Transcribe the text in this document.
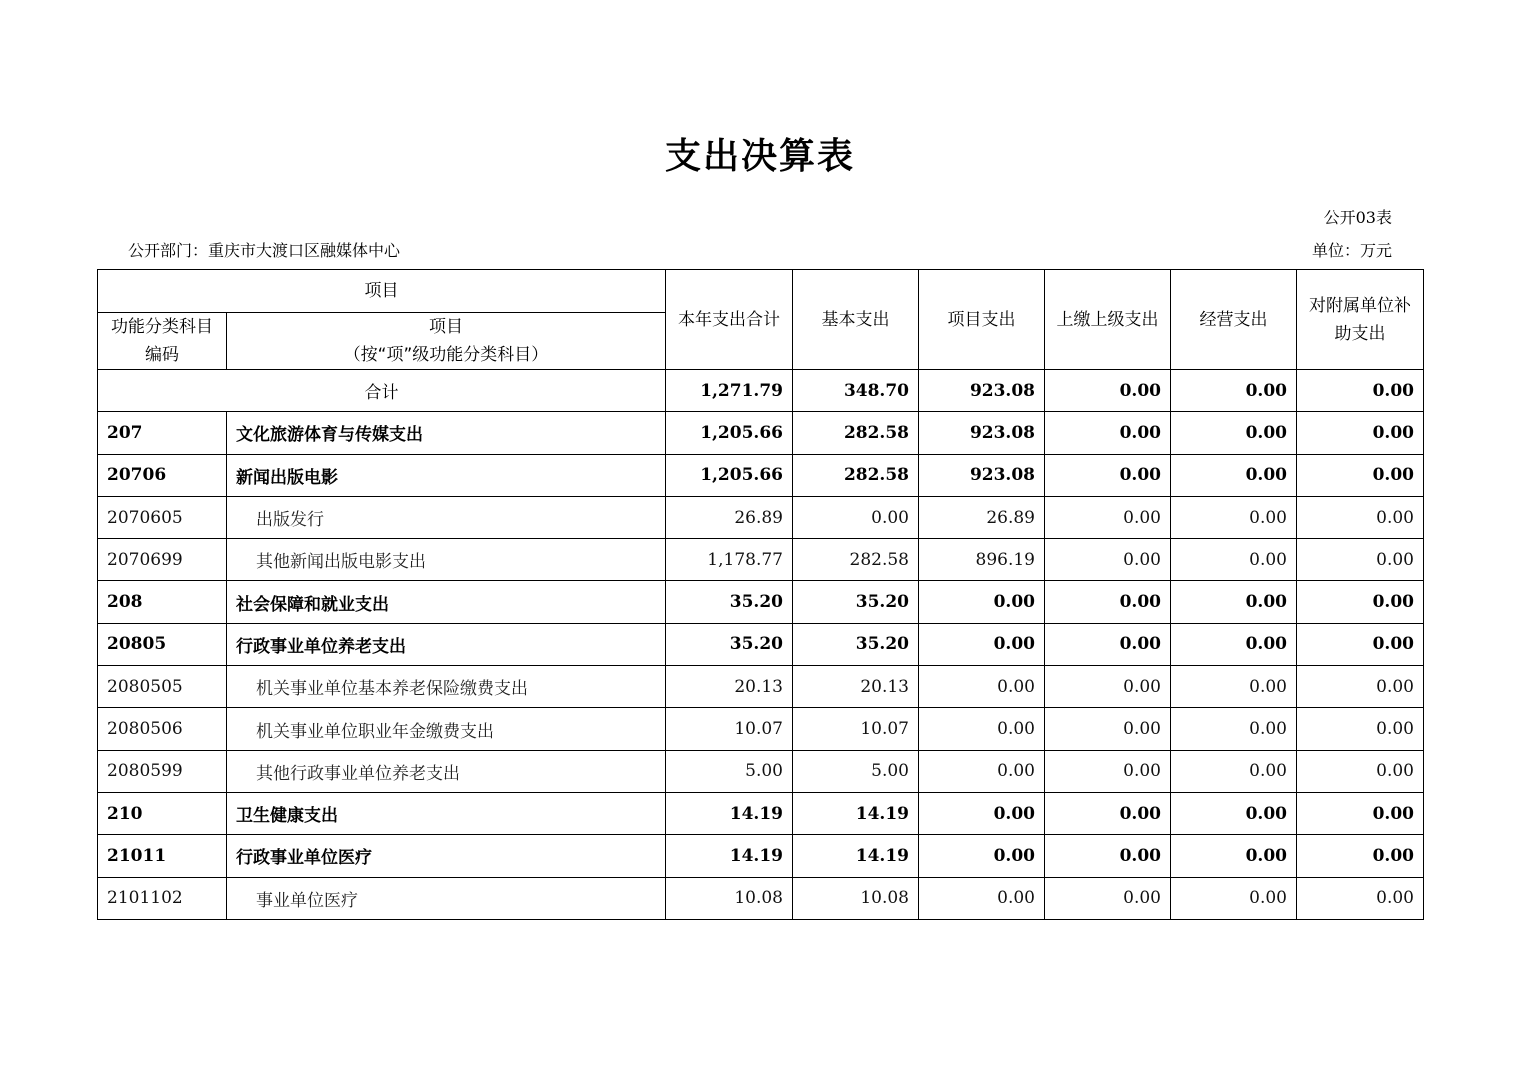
支出决算表
公开03表
公开部门：重庆市大渡口区融媒体中心	单位：万元
项目		本年支出合计	基本支出	项目支出	上缴上级支出	经营支出	对附属单位补助支出
功能分类科目编码	项目
（按“项”级功能分类科目）						

合计		1,271.79	348.70	923.08	0.00	0.00	0.00
207	文化旅游体育与传媒支出	1,205.66	282.58	923.08	0.00	0.00	0.00
20706	新闻出版电影	1,205.66	282.58	923.08	0.00	0.00	0.00
2070605	出版发行	26.89	0.00	26.89	0.00	0.00	0.00
2070699	其他新闻出版电影支出	1,178.77	282.58	896.19	0.00	0.00	0.00
208	社会保障和就业支出	35.20	35.20	0.00	0.00	0.00	0.00
20805	行政事业单位养老支出	35.20	35.20	0.00	0.00	0.00	0.00
2080505	机关事业单位基本养老保险缴费支出	20.13	20.13	0.00	0.00	0.00	0.00
2080506	机关事业单位职业年金缴费支出	10.07	10.07	0.00	0.00	0.00	0.00
2080599	其他行政事业单位养老支出	5.00	5.00	0.00	0.00	0.00	0.00
210	卫生健康支出	14.19	14.19	0.00	0.00	0.00	0.00
21011	行政事业单位医疗	14.19	14.19	0.00	0.00	0.00	0.00
2101102	事业单位医疗	10.08	10.08	0.00	0.00	0.00	0.00
